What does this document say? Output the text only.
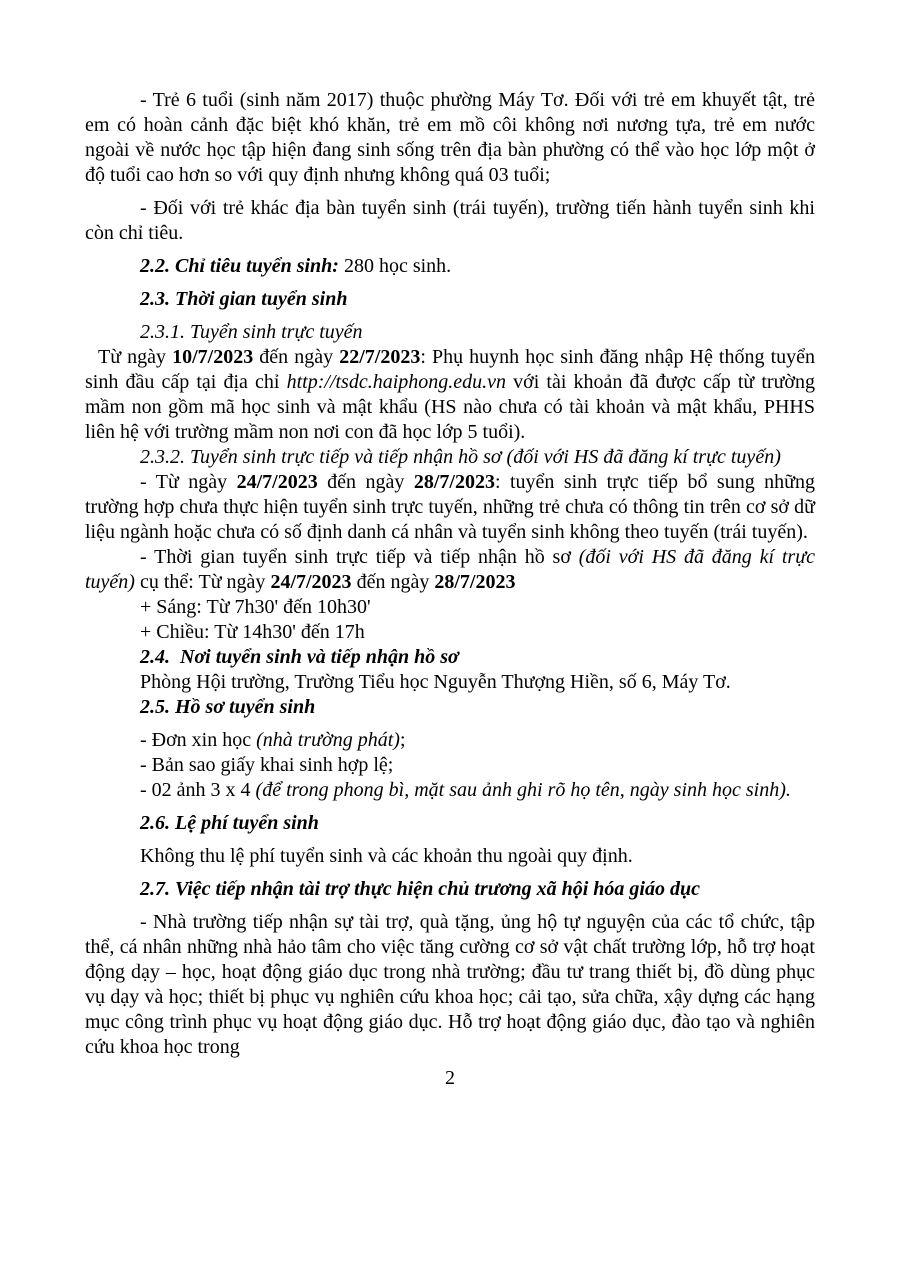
- Trẻ 6 tuổi (sinh năm 2017) thuộc phường Máy Tơ. Đối với trẻ em khuyết tật, trẻ em có hoàn cảnh đặc biệt khó khăn, trẻ em mồ côi không nơi nương tựa, trẻ em nước ngoài về nước học tập hiện đang sinh sống trên địa bàn phường có thể vào học lớp một ở độ tuổi cao hơn so với quy định nhưng không quá 03 tuổi;

- Đối với trẻ khác địa bàn tuyển sinh (trái tuyến), trường tiến hành tuyển sinh khi còn chỉ tiêu.

2.2. Chỉ tiêu tuyển sinh: 280 học sinh.

2.3. Thời gian tuyển sinh

2.3.1. Tuyển sinh trực tuyến

Từ ngày 10/7/2023 đến ngày 22/7/2023: Phụ huynh học sinh đăng nhập Hệ thống tuyển sinh đầu cấp tại địa chỉ http://tsdc.haiphong.edu.vn với tài khoản đã được cấp từ trường mầm non gồm mã học sinh và mật khẩu (HS nào chưa có tài khoản và mật khẩu, PHHS liên hệ với trường mầm non nơi con đã học lớp 5 tuổi).

2.3.2. Tuyển sinh trực tiếp và tiếp nhận hồ sơ (đối với HS đã đăng kí trực tuyến)

- Từ ngày 24/7/2023 đến ngày 28/7/2023: tuyển sinh trực tiếp bổ sung những trường hợp chưa thực hiện tuyển sinh trực tuyến, những trẻ chưa có thông tin trên cơ sở dữ liệu ngành hoặc chưa có số định danh cá nhân và tuyển sinh không theo tuyến (trái tuyến).

- Thời gian tuyển sinh trực tiếp và tiếp nhận hồ sơ (đối với HS đã đăng kí trực tuyến) cụ thể: Từ ngày 24/7/2023 đến ngày 28/7/2023

+ Sáng: Từ 7h30' đến 10h30'

+ Chiều: Từ 14h30' đến 17h

2.4.  Nơi tuyển sinh và tiếp nhận hồ sơ

Phòng Hội trường, Trường Tiểu học Nguyễn Thượng Hiền, số 6, Máy Tơ.

2.5. Hồ sơ tuyển sinh

- Đơn xin học (nhà trường phát);

- Bản sao giấy khai sinh hợp lệ;

- 02 ảnh 3 x 4 (để trong phong bì, mặt sau ảnh ghi rõ họ tên, ngày sinh học sinh).

2.6. Lệ phí tuyển sinh

Không thu lệ phí tuyển sinh và các khoản thu ngoài quy định.

2.7. Việc tiếp nhận tài trợ thực hiện chủ trương xã hội hóa giáo dục

- Nhà trường tiếp nhận sự tài trợ, quà tặng, ủng hộ tự nguyện của các tổ chức, tập thể, cá nhân những nhà hảo tâm cho việc tăng cường cơ sở vật chất trường lớp, hỗ trợ hoạt động dạy – học, hoạt động giáo dục trong nhà trường; đầu tư trang thiết bị, đồ dùng phục vụ dạy và học; thiết bị phục vụ nghiên cứu khoa học; cải tạo, sửa chữa, xậy dựng các hạng mục công trình phục vụ hoạt động giáo dục. Hỗ trợ hoạt động giáo dục, đào tạo và nghiên cứu khoa học trong

2
